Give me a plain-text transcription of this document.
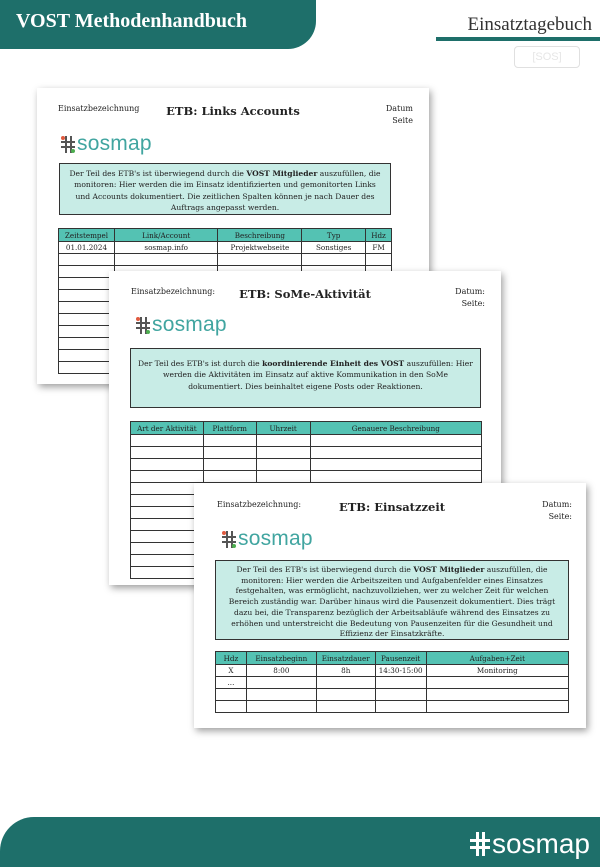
VOST Methodenhandbuch	Einsatztagebuch
[SOS]
Einsatzbezeichnung	ETB: Links Accounts	Datum
Seite
sosmap
Der Teil des ETB's ist überwiegend durch die VOST Mitglieder auszufüllen, die monitoren: Hier werden die im Einsatz identifizierten und gemonitorten Links und Accounts dokumentiert. Die zeitlichen Spalten können je nach Dauer des Auftrags angepasst werden.
Zeitstempel	Link/Account	Beschreibung	Typ	Hdz
01.01.2024	sosmap.info	Projektwebseite	Sonstiges	FM

Einsatzbezeichnung:	ETB: SoMe-Aktivität	Datum:
Seite:
sosmap
Der Teil des ETB's ist durch die koordinierende Einheit des VOST auszufüllen: Hier werden die Aktivitäten im Einsatz auf aktive Kommunikation in den SoMe dokumentiert. Dies beinhaltet eigene Posts oder Reaktionen.
Art der Aktivität	Plattform	Uhrzeit	Genauere Beschreibung

Einsatzbezeichnung:	ETB: Einsatzzeit	Datum:
Seite:
sosmap
Der Teil des ETB's ist überwiegend durch die VOST Mitglieder auszufüllen, die monitoren: Hier werden die Arbeitszeiten und Aufgabenfelder eines Einsatzes festgehalten, was ermöglicht, nachzuvollziehen, wer zu welcher Zeit für welchen Bereich zuständig war. Darüber hinaus wird die Pausenzeit dokumentiert. Dies trägt dazu bei, die Transparenz bezüglich der Arbeitsabläufe während des Einsatzes zu erhöhen und unterstreicht die Bedeutung von Pausenzeiten für die Gesundheit und Effizienz der Einsatzkräfte.
Hdz	Einsatzbeginn	Einsatzdauer	Pausenzeit	Aufgaben+Zeit
X	8:00	8h	14:30-15:00	Monitoring
...				

sosmap
